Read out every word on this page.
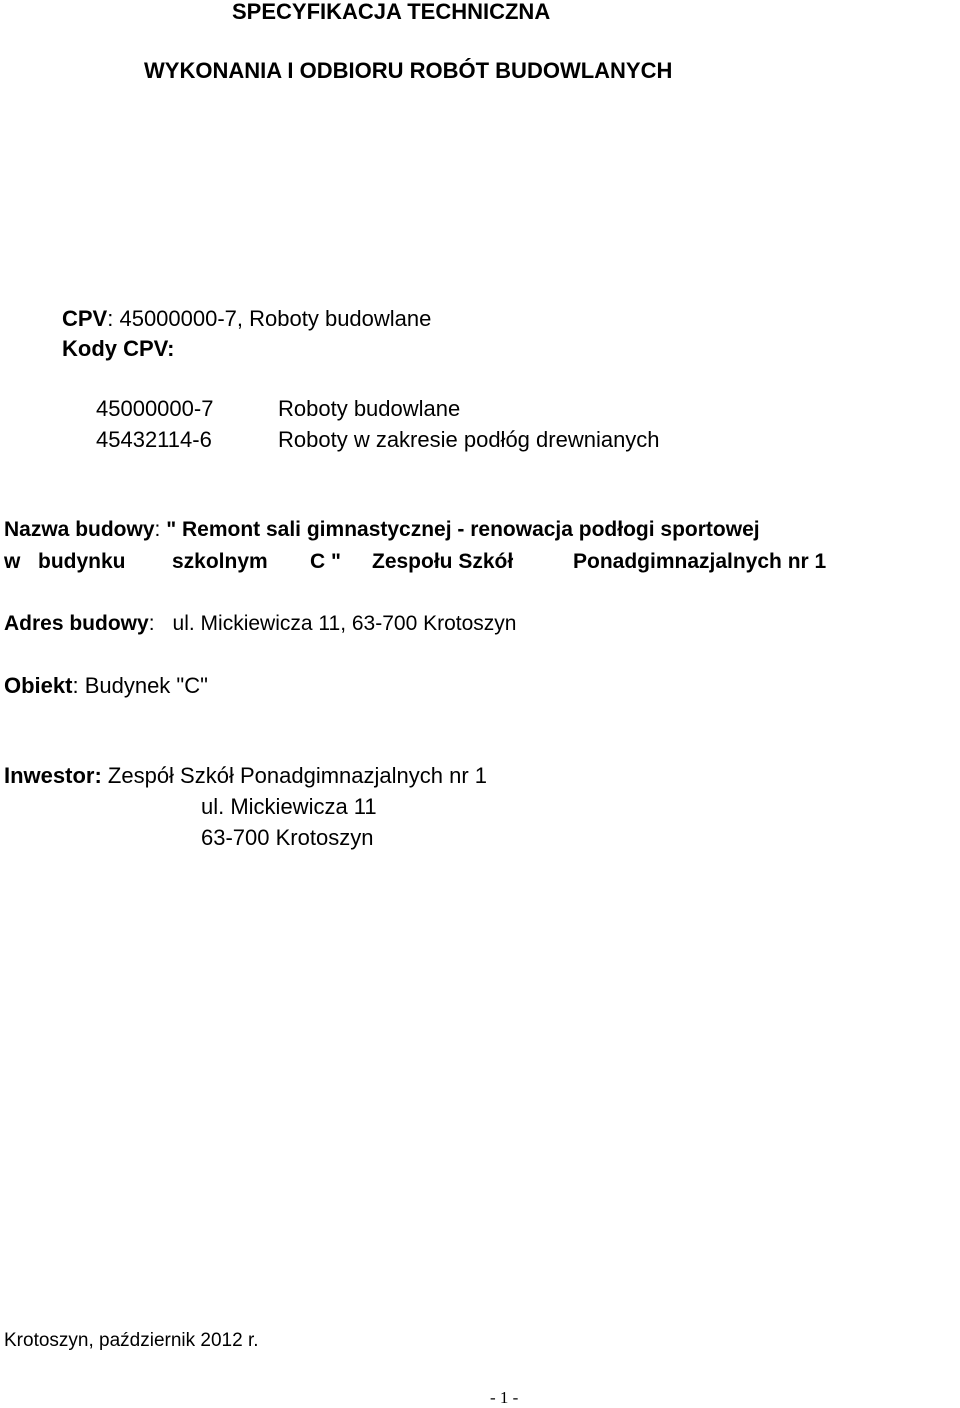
SPECYFIKACJA TECHNICZNA
WYKONANIA I ODBIORU ROBÓT BUDOWLANYCH
CPV: 45000000-7, Roboty budowlane
Kody CPV:
45000000-7	Roboty budowlane
45432114-6	Roboty w zakresie podłóg drewnianych
Nazwa budowy: " Remont sali gimnastycznej - renowacja podłogi sportowej
w budynku szkolnym C " Zespołu Szkół	Ponadgimnazjalnych nr 1
Adres budowy: ul. Mickiewicza 11, 63-700 Krotoszyn
Obiekt: Budynek "C"
Inwestor: Zespół Szkół Ponadgimnazjalnych nr 1
ul. Mickiewicza 11
63-700 Krotoszyn
Krotoszyn, październik 2012 r.
- 1 -
